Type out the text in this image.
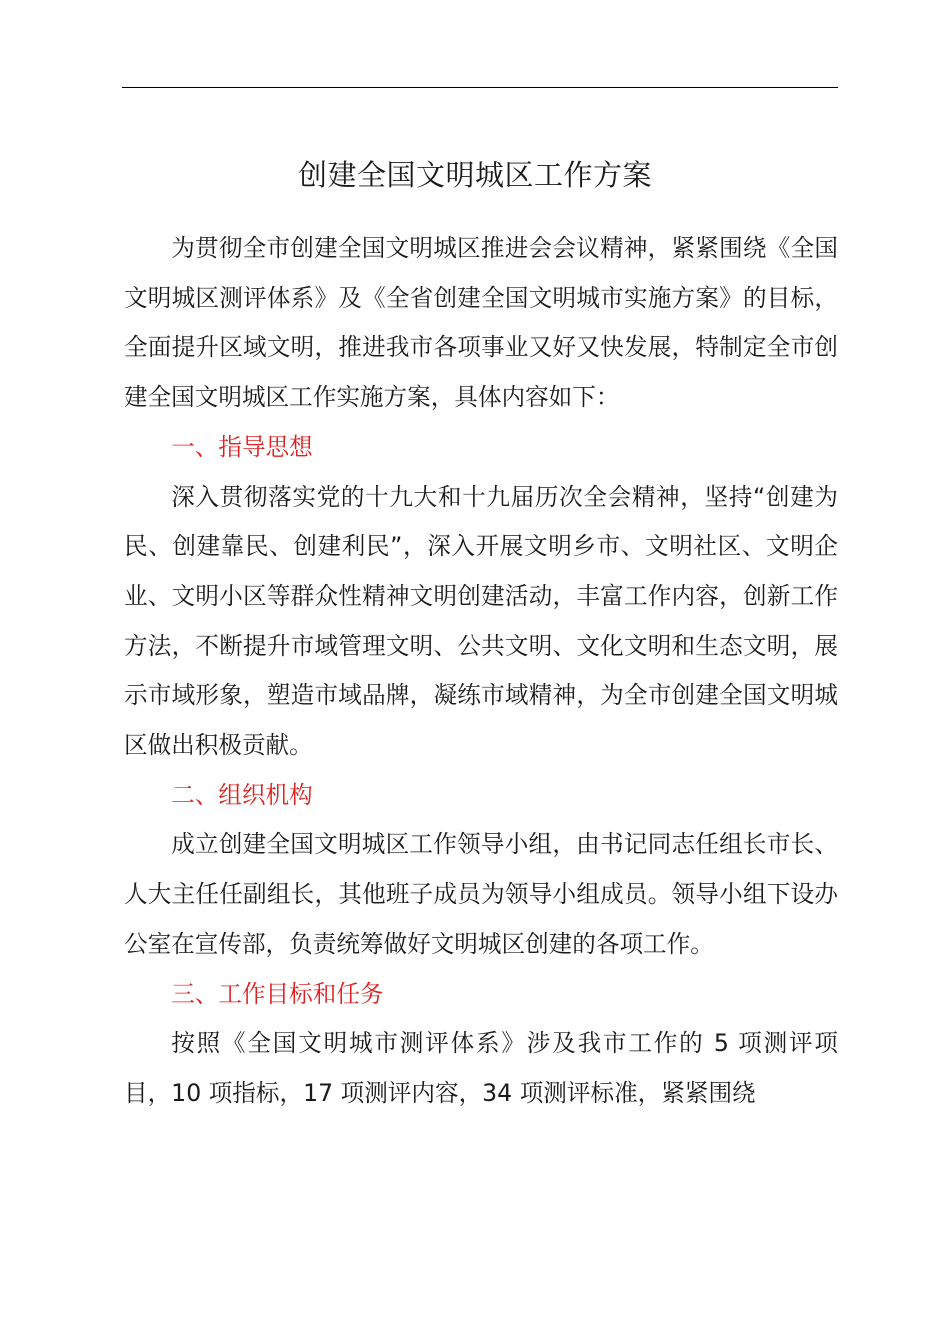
创建全国文明城区工作方案

为贯彻全市创建全国文明城区推进会会议精神，紧紧围绕《全国文明城区测评体系》及《全省创建全国文明城市实施方案》的目标，全面提升区域文明，推进我市各项事业又好又快发展，特制定全市创建全国文明城区工作实施方案，具体内容如下：

一、指导思想

深入贯彻落实党的十九大和十九届历次全会精神，坚持“创建为民、创建靠民、创建利民”，深入开展文明乡市、文明社区、文明企业、文明小区等群众性精神文明创建活动，丰富工作内容，创新工作方法，不断提升市域管理文明、公共文明、文化文明和生态文明，展示市域形象，塑造市域品牌，凝练市域精神，为全市创建全国文明城区做出积极贡献。

二、组织机构

成立创建全国文明城区工作领导小组，由书记同志任组长市长、人大主任任副组长，其他班子成员为领导小组成员。领导小组下设办公室在宣传部，负责统筹做好文明城区创建的各项工作。

三、工作目标和任务

按照《全国文明城市测评体系》涉及我市工作的 5 项测评项目，10 项指标，17 项测评内容，34 项测评标准，紧紧围绕
